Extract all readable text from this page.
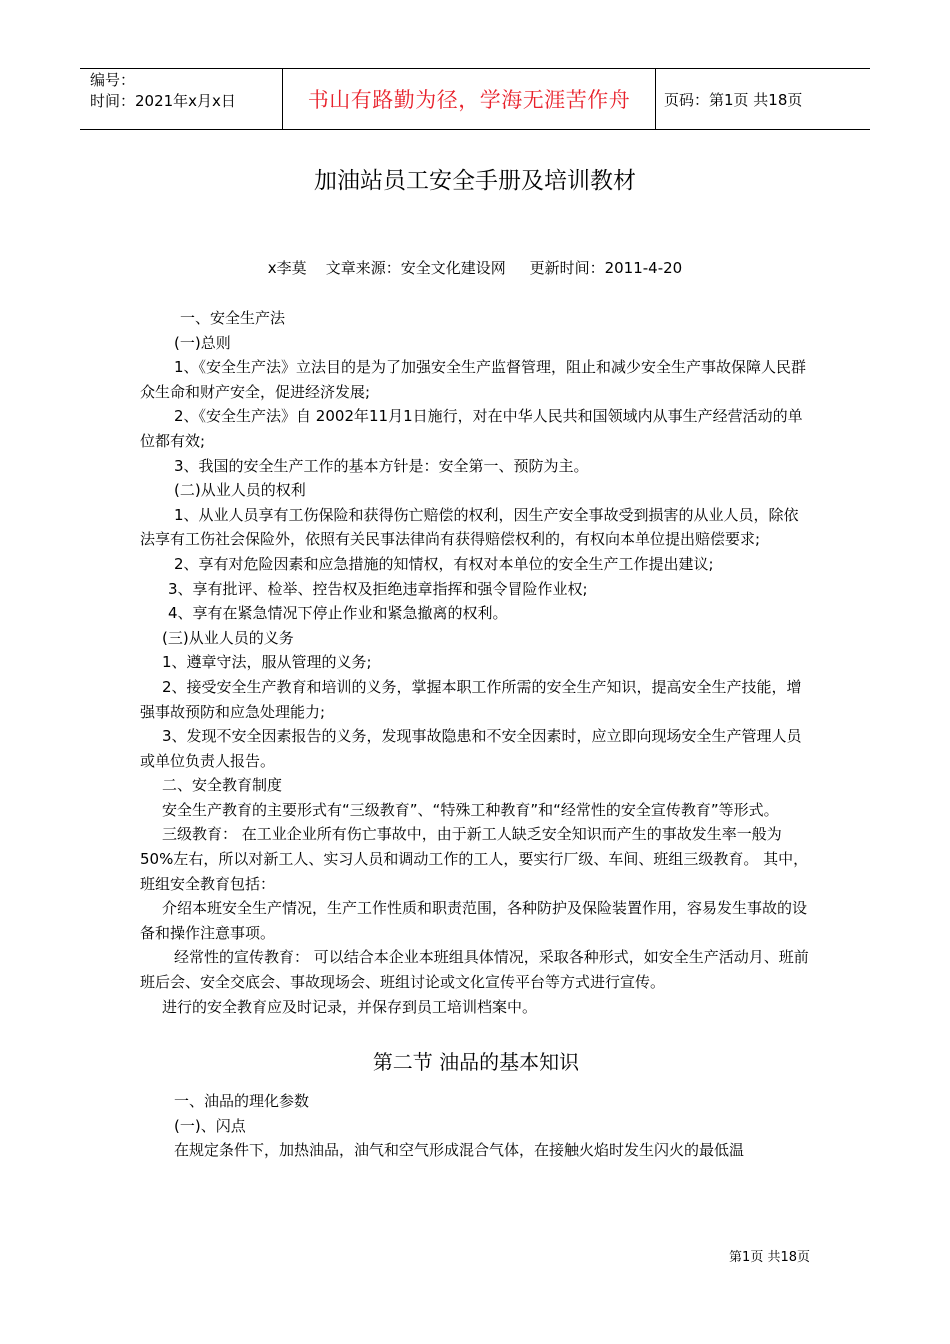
编号：
时间：2021年x月x日	书山有路勤为径，学海无涯苦作舟	页码：第1页 共18页
加油站员工安全手册及培训教材
x李莫    文章来源：安全文化建设网     更新时间：2011-4-20

一、安全生产法

(一)总则

1、《安全生产法》立法目的是为了加强安全生产监督管理，阻止和减少安全生产事故保障人民群众生命和财产安全，促进经济发展;

2、《安全生产法》自 2002年11月1日施行，对在中华人民共和国领域内从事生产经营活动的单位都有效;

3、我国的安全生产工作的基本方针是：安全第一、预防为主。

(二)从业人员的权利

1、从业人员享有工伤保险和获得伤亡赔偿的权利，因生产安全事故受到损害的从业人员，除依法享有工伤社会保险外，依照有关民事法律尚有获得赔偿权利的，有权向本单位提出赔偿要求;

2、享有对危险因素和应急措施的知情权，有权对本单位的安全生产工作提出建议;

3、享有批评、检举、控告权及拒绝违章指挥和强令冒险作业权;

4、享有在紧急情况下停止作业和紧急撤离的权利。

(三)从业人员的义务

1、遵章守法，服从管理的义务;

2、接受安全生产教育和培训的义务，掌握本职工作所需的安全生产知识，提高安全生产技能，增强事故预防和应急处理能力;

3、发现不安全因素报告的义务，发现事故隐患和不安全因素时，应立即向现场安全生产管理人员或单位负责人报告。

二、安全教育制度

安全生产教育的主要形式有“三级教育”、“特殊工种教育”和“经常性的安全宣传教育”等形式。

三级教育： 在工业企业所有伤亡事故中，由于新工人缺乏安全知识而产生的事故发生率一般为50%左右，所以对新工人、实习人员和调动工作的工人，要实行厂级、车间、班组三级教育。 其中，班组安全教育包括：

介绍本班安全生产情况，生产工作性质和职责范围，各种防护及保险装置作用，容易发生事故的设备和操作注意事项。

经常性的宣传教育： 可以结合本企业本班组具体情况，采取各种形式，如安全生产活动月、班前班后会、安全交底会、事故现场会、班组讨论或文化宣传平台等方式进行宣传。

进行的安全教育应及时记录，并保存到员工培训档案中。

第二节 油品的基本知识

一、油品的理化参数

(一)、闪点

在规定条件下，加热油品，油气和空气形成混合气体，在接触火焰时发生闪火的最低温

第1页 共18页
